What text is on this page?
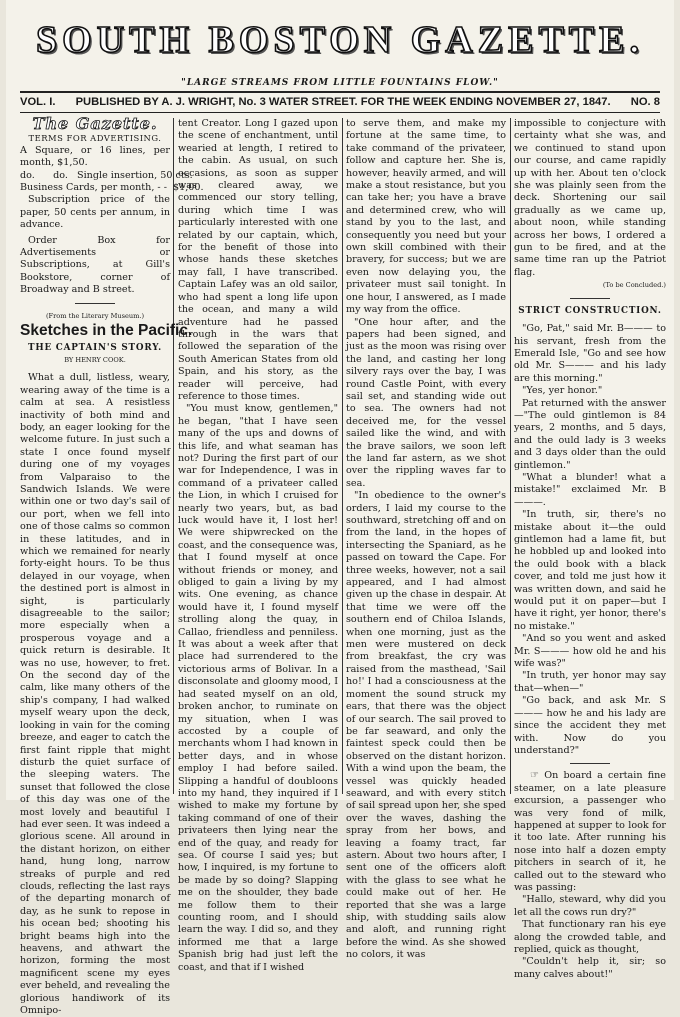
SOUTH BOSTON GAZETTE.
"LARGE STREAMS FROM LITTLE FOUNTAINS FLOW."
VOL. I. PUBLISHED BY A. J. WRIGHT, No. 3 WATER STREET. FOR THE WEEK ENDING NOVEMBER 27, 1847. NO. 8
The Gazette.

TERMS FOR ADVERTISING.

A Square, or 16 lines, per month, $1,50.

do.      do.   Single insertion, 50 cts.

Business Cards, per month, - -  $1,00.

Subscription price of the paper, 50 cents per annum, in advance.

Order Box for Advertisements or Subscriptions, at Gill's Bookstore, corner of Broadway and B street.

(From the Literary Museum.)

Sketches in the Pacific.

THE CAPTAIN'S STORY.

BY HENRY COOK.

What a dull, listless, weary, wearing away of the time is a calm at sea. A resistless inactivity of both mind and body, an eager looking for the welcome future. In just such a state I once found myself during one of my voyages from Valparaiso to the Sandwich Islands. We were within one or two day's sail of our port, when we fell into one of those calms so common in these latitudes, and in which we remained for nearly forty-eight hours. To be thus delayed in our voyage, when the destined port is almost in sight, is particularly disagreeable to the sailor; more especially when a prosperous voyage and a quick return is desirable. It was no use, however, to fret. On the second day of the calm, like many others of the ship's company, I had walked myself weary upon the deck, looking in vain for the coming breeze, and eager to catch the first faint ripple that might disturb the quiet surface of the sleeping waters. The sunset that followed the close of this day was one of the most lovely and beautiful I had ever seen. It was indeed a glorious scene. All around in the distant horizon, on either hand, hung long, narrow streaks of purple and red clouds, reflecting the last rays of the departing monarch of day, as he sunk to repose in his ocean bed; shooting his bright beams high into the heavens, and athwart the horizon, forming the most magnificent scene my eyes ever beheld, and revealing the glorious handiwork of its Omnipo-

tent Creator. Long I gazed upon the scene of enchantment, until wearied at length, I retired to the cabin. As usual, on such occasions, as soon as supper was cleared away, we commenced our story telling, during which time I was particularly interested with one related by our captain, which, for the benefit of those into whose hands these sketches may fall, I have transcribed. Captain Lafey was an old sailor, who had spent a long life upon the ocean, and many a wild adventure had he passed through in the wars that followed the separation of the South American States from old Spain, and his story, as the reader will perceive, had reference to those times.

"You must know, gentlemen," he began, "that I have seen many of the ups and downs of this life, and what seaman has not? During the first part of our war for Independence, I was in command of a privateer called the Lion, in which I cruised for nearly two years, but, as bad luck would have it, I lost her! We were shipwrecked on the coast, and the consequence was, that I found myself at once without friends or money, and obliged to gain a living by my wits. One evening, as chance would have it, I found myself strolling along the quay, in Callao, friendless and penniless. It was about a week after that place had surrendered to the victorious arms of Bolivar. In a disconsolate and gloomy mood, I had seated myself on an old, broken anchor, to ruminate on my situation, when I was accosted by a couple of merchants whom I had known in better days, and in whose employ I had before sailed. Slipping a handful of doubloons into my hand, they inquired if I wished to make my fortune by taking command of one of their privateers then lying near the end of the quay, and ready for sea. Of course I said yes; but how, I inquired, is my fortune to be made by so doing? Slapping me on the shoulder, they bade me follow them to their counting room, and I should learn the way. I did so, and they informed me that a large Spanish brig had just left the coast, and that if I wished

to serve them, and make my fortune at the same time, to take command of the privateer, follow and capture her. She is, however, heavily armed, and will make a stout resistance, but you can take her; you have a brave and determined crew, who will stand by you to the last, and consequently you need but your own skill combined with their bravery, for success; but we are even now delaying you, the privateer must sail tonight. In one hour, I answered, as I made my way from the office.

"One hour after, and the papers had been signed, and just as the moon was rising over the land, and casting her long silvery rays over the bay, I was round Castle Point, with every sail set, and standing wide out to sea. The owners had not deceived me, for the vessel sailed like the wind, and with the brave sailors, we soon left the land far astern, as we shot over the rippling waves far to sea.

"In obedience to the owner's orders, I laid my course to the southward, stretching off and on from the land, in the hopes of intersecting the Spaniard, as he passed on toward the Cape. For three weeks, however, not a sail appeared, and I had almost given up the chase in despair. At that time we were off the southern end of Chiloa Islands, when one morning, just as the men were mustered on deck from breakfast, the cry was raised from the masthead, 'Sail ho!' I had a consciousness at the moment the sound struck my ears, that there was the object of our search. The sail proved to be far seaward, and only the faintest speck could then be observed on the distant horizon. With a wind upon the beam, the vessel was quickly headed seaward, and with every stitch of sail spread upon her, she sped over the waves, dashing the spray from her bows, and leaving a foamy tract, far astern. About two hours after, I sent one of the officers aloft with the glass to see what he could make out of her. He reported that she was a large ship, with studding sails alow and aloft, and running right before the wind. As she showed no colors, it was

impossible to conjecture with certainty what she was, and we continued to stand upon our course, and came rapidly up with her. About ten o'clock she was plainly seen from the deck. Shortening our sail gradually as we came up, about noon, while standing across her bows, I ordered a gun to be fired, and at the same time ran up the Patriot flag.

(To be Concluded.)

STRICT CONSTRUCTION.

"Go, Pat," said Mr. B——— to his servant, fresh from the Emerald Isle, "Go and see how old Mr. S——— and his lady are this morning."

"Yes, yer honor."

Pat returned with the answer—"The ould gintlemon is 84 years, 2 months, and 5 days, and the ould lady is 3 weeks and 3 days older than the ould gintlemon."

"What a blunder! what a mistake!" exclaimed Mr. B———.

"In truth, sir, there's no mistake about it—the ould gintlemon had a lame fit, but he hobbled up and looked into the ould book with a black cover, and told me just how it was written down, and said he would put it on paper—but I have it right, yer honor, there's no mistake."

"And so you went and asked Mr. S——— how old he and his wife was?"

"In truth, yer honor may say that—when—"

"Go back, and ask Mr. S——— how he and his lady are since the accident they met with. Now do you understand?"

☞ On board a certain fine steamer, on a late pleasure excursion, a passenger who was very fond of milk, happened at supper to look for it too late. After running his nose into half a dozen empty pitchers in search of it, he called out to the steward who was passing:

"Hallo, steward, why did you let all the cows run dry?"

That functionary ran his eye along the crowded table, and replied, quick as thought,

"Couldn't help it, sir; so many calves about!"
